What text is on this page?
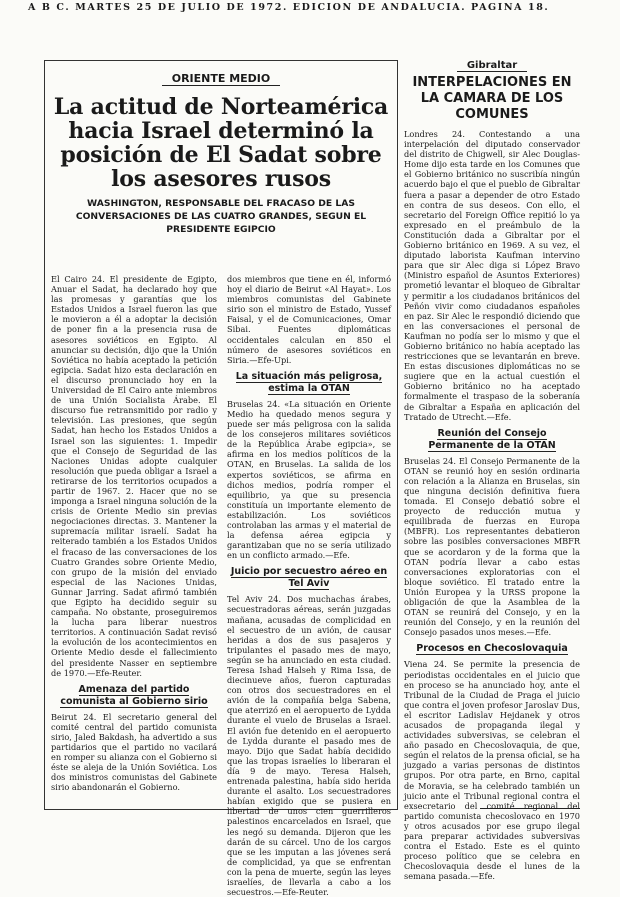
A B C. MARTES 25 DE JULIO DE 1972. EDICION DE ANDALUCIA. PAGINA 18.
ORIENTE MEDIO
La actitud de Norteamérica hacia Israel determinó la posición de El Sadat sobre los asesores rusos
WASHINGTON, RESPONSABLE DEL FRACASO DE LAS CONVERSACIONES DE LAS CUATRO GRANDES, SEGUN EL PRESIDENTE EGIPCIO
El Cairo 24. El presidente de Egipto, Anuar el Sadat, ha declarado hoy que las promesas y garantías que los Estados Unidos a Israel fueron las que le movieron a él a adoptar la decisión de poner fin a la presencia rusa de asesores soviéticos en Egipto. Al anunciar su decisión, dijo que la Unión Soviética no había aceptado la petición egipcia. Sadat hizo esta declaración en el discurso pronunciado hoy en la Universidad de El Cairo ante miembros de una Unión Socialista Árabe. El discurso fue retransmitido por radio y televisión. Las presiones, que según Sadat, han hecho los Estados Unidos a Israel son las siguientes: 1. Impedir que el Consejo de Seguridad de las Naciones Unidas adopte cualquier resolución que pueda obligar a Israel a retirarse de los territorios ocupados a partir de 1967. 2. Hacer que no se imponga a Israel ninguna solución de la crisis de Oriente Medio sin previas negociaciones directas. 3. Mantener la supremacía militar israelí. Sadat ha reiterado también a los Estados Unidos el fracaso de las conversaciones de los Cuatro Grandes sobre Oriente Medio, con grupo de la misión del enviado especial de las Naciones Unidas, Gunnar Jarring. Sadat afirmó también que Egipto ha decidido seguir su campaña. No obstante, proseguiremos la lucha para liberar nuestros territorios. A continuación Sadat revisó la evolución de los acontecimientos en Oriente Medio desde el fallecimiento del presidente Nasser en septiembre de 1970.—Efe-Reuter.
Amenaza del partido comunista al Gobierno sirio
Beirut 24. El secretario general del comité central del partido comunista sirio, Jaled Bakdash, ha advertido a sus partidarios que el partido no vacilará en romper su alianza con el Gobierno si éste se aleja de la Unión Soviética. Los dos ministros comunistas del Gabinete sirio abandonarán el Gobierno.
dos miembros que tiene en él, informó hoy el diario de Beirut «Al Hayat». Los miembros comunistas del Gabinete sirio son el ministro de Estado, Yussef Faisal, y el de Comunicaciones, Omar Sibai. Fuentes diplomáticas occidentales calculan en 850 el número de asesores soviéticos en Siria.—Efe-Upi.
La situación más peligrosa, estima la OTAN
Bruselas 24. «La situación en Oriente Medio ha quedado menos segura y puede ser más peligrosa con la salida de los consejeros militares soviéticos de la República Árabe egipcia», se afirma en los medios políticos de la OTAN, en Bruselas. La salida de los expertos soviéticos, se afirma en dichos medios, podría romper el equilibrio, ya que su presencia constituía un importante elemento de estabilización. Los soviéticos controlaban las armas y el material de la defensa aérea egipcia y garantizaban que no se sería utilizado en un conflicto armado.—Efe.
Juicio por secuestro aéreo en Tel Aviv
Tel Aviv 24. Dos muchachas árabes, secuestradoras aéreas, serán juzgadas mañana, acusadas de complicidad en el secuestro de un avión, de causar heridas a dos de sus pasajeros y tripulantes el pasado mes de mayo, según se ha anunciado en esta ciudad. Teresa Ishad Halseh y Rima Issa, de diecinueve años, fueron capturadas con otros dos secuestradores en el avión de la compañía belga Sabena, que aterrizó en el aeropuerto de Lydda durante el vuelo de Bruselas a Israel. El avión fue detenido en el aeropuerto de Lydda durante el pasado mes de mayo. Dijo que Sadat había decidido que las tropas israelíes lo liberaran el día 9 de mayo. Teresa Halseh, entrenada palestina, había sido herida durante el asalto. Los secuestradores habían exigido que se pusiera en libertad de unos cien guerrilleros palestinos encarcelados en Israel, que les negó su demanda. Dijeron que les darán de su cárcel. Uno de los cargos que se les imputan a las jóvenes será de complicidad, ya que se enfrentan con la pena de muerte, según las leyes israelíes, de llevarla a cabo a los secuestros.—Efe-Reuter.
Gibraltar
INTERPELACIONES EN LA CAMARA DE LOS COMUNES
Londres 24. Contestando a una interpelación del diputado conservador del distrito de Chigwell, sir Alec Douglas-Home dijo esta tarde en los Comunes que el Gobierno británico no suscribía ningún acuerdo bajo el que el pueblo de Gibraltar fuera a pasar a depender de otro Estado en contra de sus deseos. Con ello, el secretario del Foreign Office repitió lo ya expresado en el preámbulo de la Constitución dada a Gibraltar por el Gobierno británico en 1969. A su vez, el diputado laborista Kaufman intervino para que sir Alec diga si López Bravo (Ministro español de Asuntos Exteriores) prometió levantar el bloqueo de Gibraltar y permitir a los ciudadanos británicos del Peñón vivir como ciudadanos españoles en paz. Sir Alec le respondió diciendo que en las conversaciones el personal de Kaufman no podía ser lo mismo y que el Gobierno británico no había aceptado las restricciones que se levantarán en breve. En estas discusiones diplomáticas no se sugiere que en la actual cuestión el Gobierno británico no ha aceptado formalmente el traspaso de la soberanía de Gibraltar a España en aplicación del Tratado de Utrecht.—Efe.
Reunión del Consejo Permanente de la OTAN
Bruselas 24. El Consejo Permanente de la OTAN se reunió hoy en sesión ordinaria con relación a la Alianza en Bruselas, sin que ninguna decisión definitiva fuera tomada. El Consejo debatió sobre el proyecto de reducción mutua y equilibrada de fuerzas en Europa (MBFR). Los representantes debatieron sobre las posibles conversaciones MBFR que se acordaron y de la forma que la OTAN podría llevar a cabo estas conversaciones exploratorias con el bloque soviético. El tratado entre la Unión Europea y la URSS propone la obligación de que la Asamblea de la OTAN se reunirá del Consejo, y en la reunión del Consejo, y en la reunión del Consejo pasados unos meses.—Efe.
Procesos en Checoslovaquia
Viena 24. Se permite la presencia de periodistas occidentales en el juicio que en proceso se ha anunciado hoy, ante el Tribunal de la Ciudad de Praga el juicio que contra el joven profesor Jaroslav Dus, el escritor Ladislav Hejdanek y otros acusados de propaganda ilegal y actividades subversivas, se celebran el año pasado en Checoslovaquia, de que, según el relatos de la prensa oficial, se ha juzgado a varias personas de distintos grupos. Por otra parte, en Brno, capital de Moravia, se ha celebrado también un juicio ante el Tribunal regional contra el exsecretario del comité regional del partido comunista checoslovaco en 1970 y otros acusados por ese grupo ilegal para preparar actividades subversivas contra el Estado. Este es el quinto proceso político que se celebra en Checoslovaquia desde el lunes de la semana pasada.—Efe.
